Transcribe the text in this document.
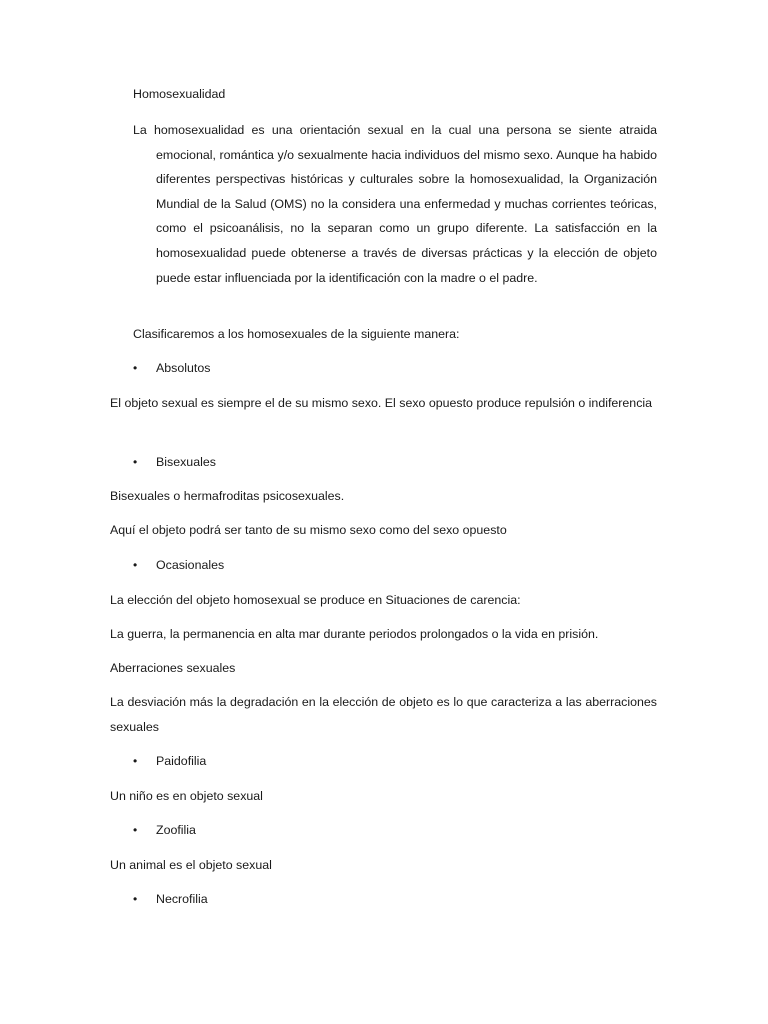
Homosexualidad
La homosexualidad es una orientación sexual en la cual una persona se siente atraida emocional, romántica y/o sexualmente hacia individuos del mismo sexo. Aunque ha habido diferentes perspectivas históricas y culturales sobre la homosexualidad, la Organización Mundial de la Salud (OMS) no la considera una enfermedad y muchas corrientes teóricas, como el psicoanálisis, no la separan como un grupo diferente. La satisfacción en la homosexualidad puede obtenerse a través de diversas prácticas y la elección de objeto puede estar influenciada por la identificación con la madre o el padre.
Clasificaremos a los homosexuales de la siguiente manera:
• Absolutos
El objeto sexual es siempre el de su mismo sexo. El sexo opuesto produce repulsión o indiferencia
• Bisexuales
Bisexuales o hermafroditas psicosexuales.
Aquí el objeto podrá ser tanto de su mismo sexo como del sexo opuesto
• Ocasionales
La elección del objeto homosexual se produce en Situaciones de carencia:
La guerra, la permanencia en alta mar durante periodos prolongados o la vida en prisión.
Aberraciones sexuales
La desviación más la degradación en la elección de objeto es lo que caracteriza a las aberraciones sexuales
• Paidofilia
Un niño es en objeto sexual
• Zoofilia
Un animal es el objeto sexual
• Necrofilia
